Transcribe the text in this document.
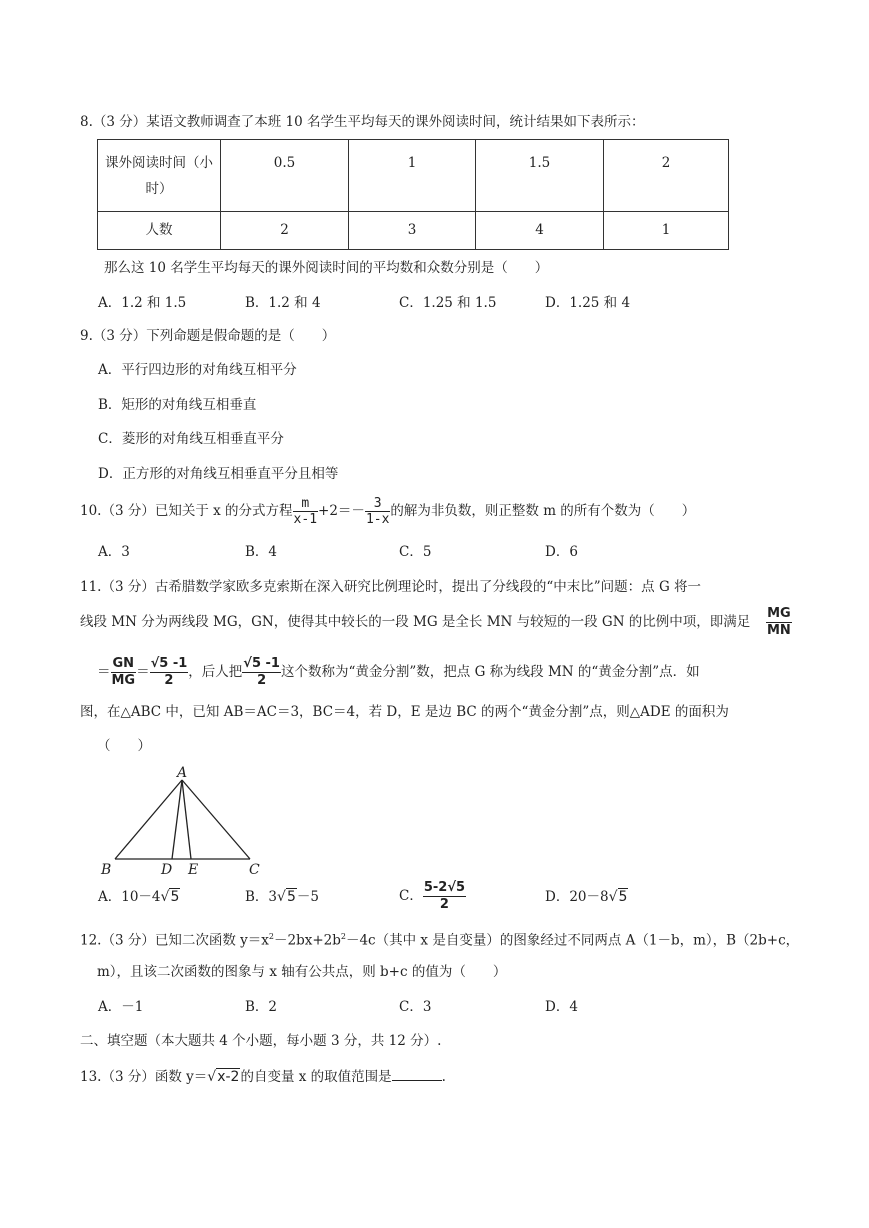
8.（3 分）某语文教师调查了本班 10 名学生平均每天的课外阅读时间，统计结果如下表所示：
课外阅读时间（小
时）	0.5	1	1.5	2
人数	2	3	4	1
那么这 10 名学生平均每天的课外阅读时间的平均数和众数分别是（　　）
A．1.2 和 1.5	B．1.2 和 4	C．1.25 和 1.5	D．1.25 和 4
9.（3 分）下列命题是假命题的是（　　）
A．平行四边形的对角线互相平分
B．矩形的对角线互相垂直
C．菱形的对角线互相垂直平分
D．正方形的对角线互相垂直平分且相等
10.（3 分）已知关于 x 的分式方程 $\frac{m}{x-1} +2=- \frac{3}{1-x}$ 的解为非负数，则正整数 m 的所有个数为（　　）
A．3	B．4	C．5	D．6
11.（3 分）古希腊数学家欧多克索斯在深入研究比例理论时，提出了分线段的“中末比”问题：点 G 将一
线段 MN 分为两线段 MG，GN，使得其中较长的一段 MG 是全长 MN 与较短的一段 GN 的比例中项，即满足 $\frac{MG}{MN}$
＝ $\frac{GN}{MG} = \frac{√5 -1}{2}$ ，后人把 $\frac{√5 -1}{2}$ 这个数称为“黄金分割”数，把点 G 称为线段 MN 的“黄金分割”点．如
图，在△ABC 中，已知 AB＝AC＝3，BC＝4，若 D，E 是边 BC 的两个“黄金分割”点，则△ADE 的面积为
（　　）
A
B	D E	C
A．10－4√5	B．3√5－5	C． $\frac{5-2√5}{2}$	D．20－8√5
12.（3 分）已知二次函数 $y=x^2-2bx+2b^2-4c$（其中 x 是自变量）的图象经过不同两点 A（1－b，m），B（2b+c，
m），且该二次函数的图象与 x 轴有公共点，则 b+c 的值为（　　）
A．－1	B．2	C．3	D．4
二、填空题（本大题共 4 个小题，每小题 3 分，共 12 分）.
13.（3 分）函数 y＝√x-2的自变量 x 的取值范围是	.
